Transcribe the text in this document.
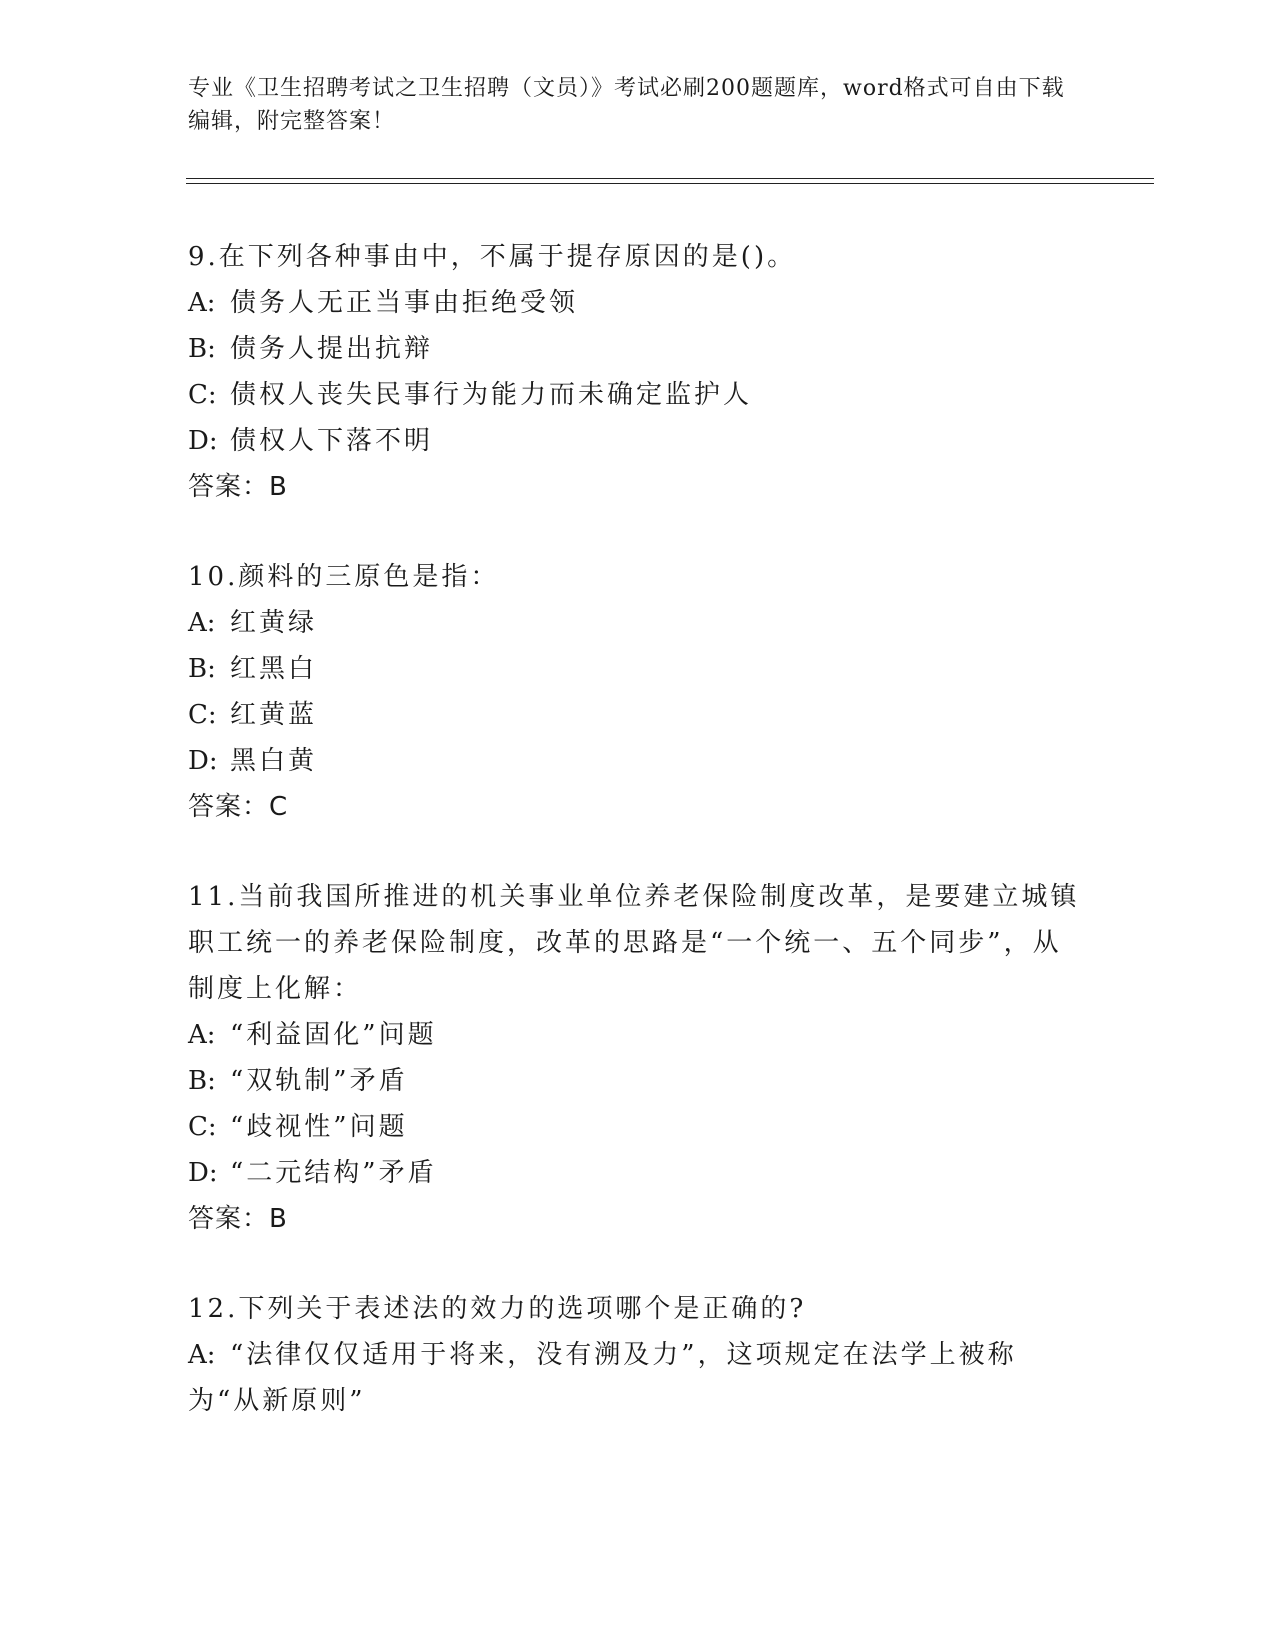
专业《卫生招聘考试之卫生招聘（文员）》考试必刷200题题库，word格式可自由下载编辑，附完整答案！
9.在下列各种事由中，不属于提存原因的是()。
A: 债务人无正当事由拒绝受领
B: 债务人提出抗辩
C: 债权人丧失民事行为能力而未确定监护人
D: 债权人下落不明
答案：B
10.颜料的三原色是指：
A: 红黄绿
B: 红黑白
C: 红黄蓝
D: 黑白黄
答案：C
11.当前我国所推进的机关事业单位养老保险制度改革，是要建立城镇职工统一的养老保险制度，改革的思路是“一个统一、五个同步”，从制度上化解：
A: “利益固化”问题
B: “双轨制”矛盾
C: “歧视性”问题
D: “二元结构”矛盾
答案：B
12.下列关于表述法的效力的选项哪个是正确的?
A: “法律仅仅适用于将来，没有溯及力”，这项规定在法学上被称为“从新原则”
